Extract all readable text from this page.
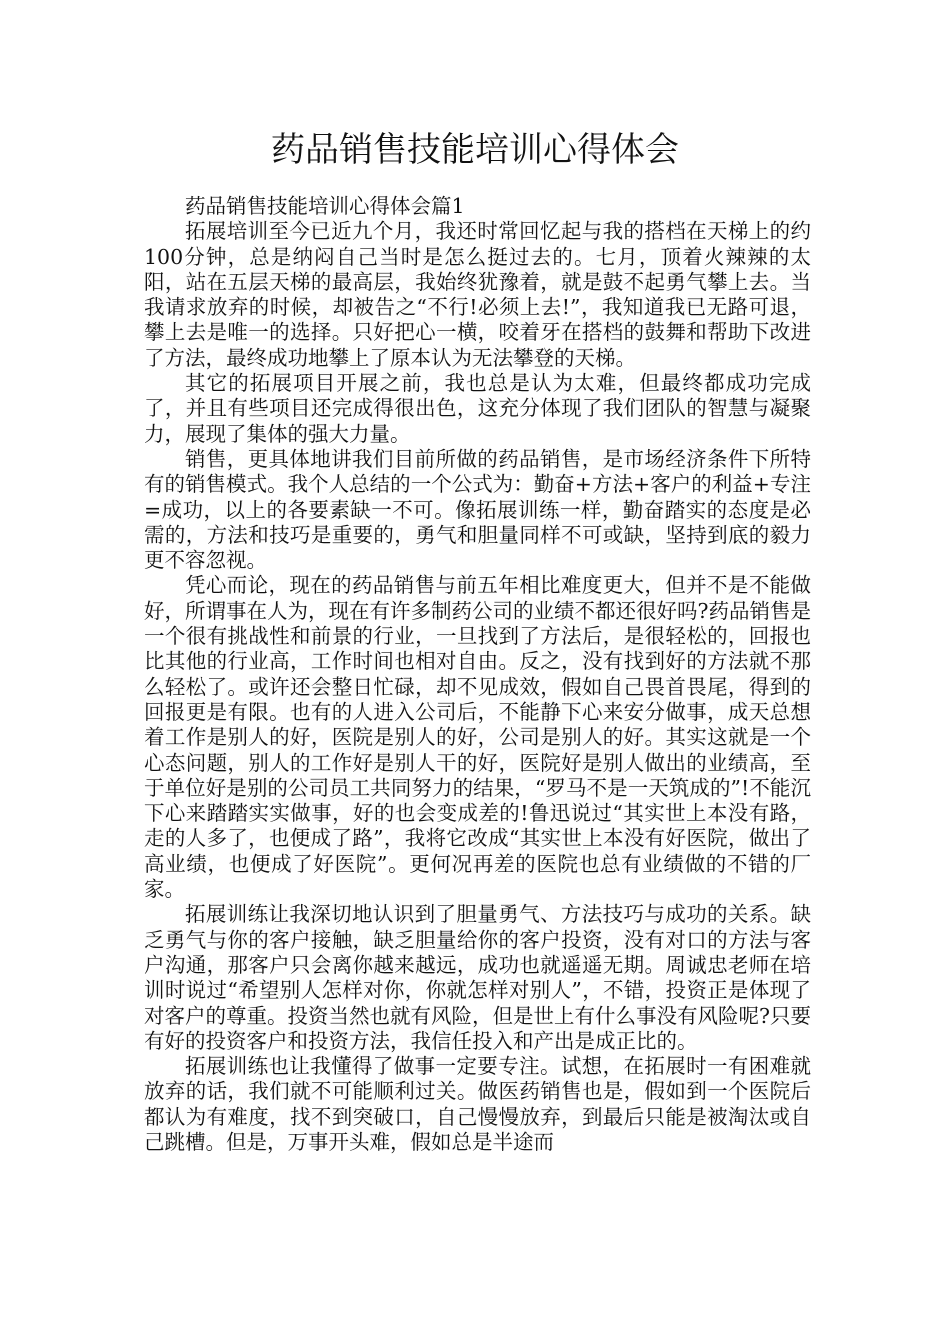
药品销售技能培训心得体会

药品销售技能培训心得体会篇1

拓展培训至今已近九个月，我还时常回忆起与我的搭档在天梯上的约100分钟，总是纳闷自己当时是怎么挺过去的。七月，顶着火辣辣的太阳，站在五层天梯的最高层，我始终犹豫着，就是鼓不起勇气攀上去。当我请求放弃的时候，却被告之“不行!必须上去!”，我知道我已无路可退，攀上去是唯一的选择。只好把心一横，咬着牙在搭档的鼓舞和帮助下改进了方法，最终成功地攀上了原本认为无法攀登的天梯。

其它的拓展项目开展之前，我也总是认为太难，但最终都成功完成了，并且有些项目还完成得很出色，这充分体现了我们团队的智慧与凝聚力，展现了集体的强大力量。

销售，更具体地讲我们目前所做的药品销售，是市场经济条件下所特有的销售模式。我个人总结的一个公式为：勤奋+方法+客户的利益+专注=成功，以上的各要素缺一不可。像拓展训练一样，勤奋踏实的态度是必需的，方法和技巧是重要的，勇气和胆量同样不可或缺，坚持到底的毅力更不容忽视。

凭心而论，现在的药品销售与前五年相比难度更大，但并不是不能做好，所谓事在人为，现在有许多制药公司的业绩不都还很好吗?药品销售是一个很有挑战性和前景的行业，一旦找到了方法后，是很轻松的，回报也比其他的行业高，工作时间也相对自由。反之，没有找到好的方法就不那么轻松了。或许还会整日忙碌，却不见成效，假如自己畏首畏尾，得到的回报更是有限。也有的人进入公司后，不能静下心来安分做事，成天总想着工作是别人的好，医院是别人的好，公司是别人的好。其实这就是一个心态问题，别人的工作好是别人干的好，医院好是别人做出的业绩高，至于单位好是别的公司员工共同努力的结果，“罗马不是一天筑成的”!不能沉下心来踏踏实实做事，好的也会变成差的!鲁迅说过“其实世上本没有路，走的人多了，也便成了路”，我将它改成“其实世上本没有好医院，做出了高业绩，也便成了好医院”。更何况再差的医院也总有业绩做的不错的厂家。

拓展训练让我深切地认识到了胆量勇气、方法技巧与成功的关系。缺乏勇气与你的客户接触，缺乏胆量给你的客户投资，没有对口的方法与客户沟通，那客户只会离你越来越远，成功也就遥遥无期。周诚忠老师在培训时说过“希望别人怎样对你，你就怎样对别人”，不错，投资正是体现了对客户的尊重。投资当然也就有风险，但是世上有什么事没有风险呢?只要有好的投资客户和投资方法，我信任投入和产出是成正比的。

拓展训练也让我懂得了做事一定要专注。试想，在拓展时一有困难就放弃的话，我们就不可能顺利过关。做医药销售也是，假如到一个医院后都认为有难度，找不到突破口，自己慢慢放弃，到最后只能是被淘汰或自己跳槽。但是，万事开头难，假如总是半途而
